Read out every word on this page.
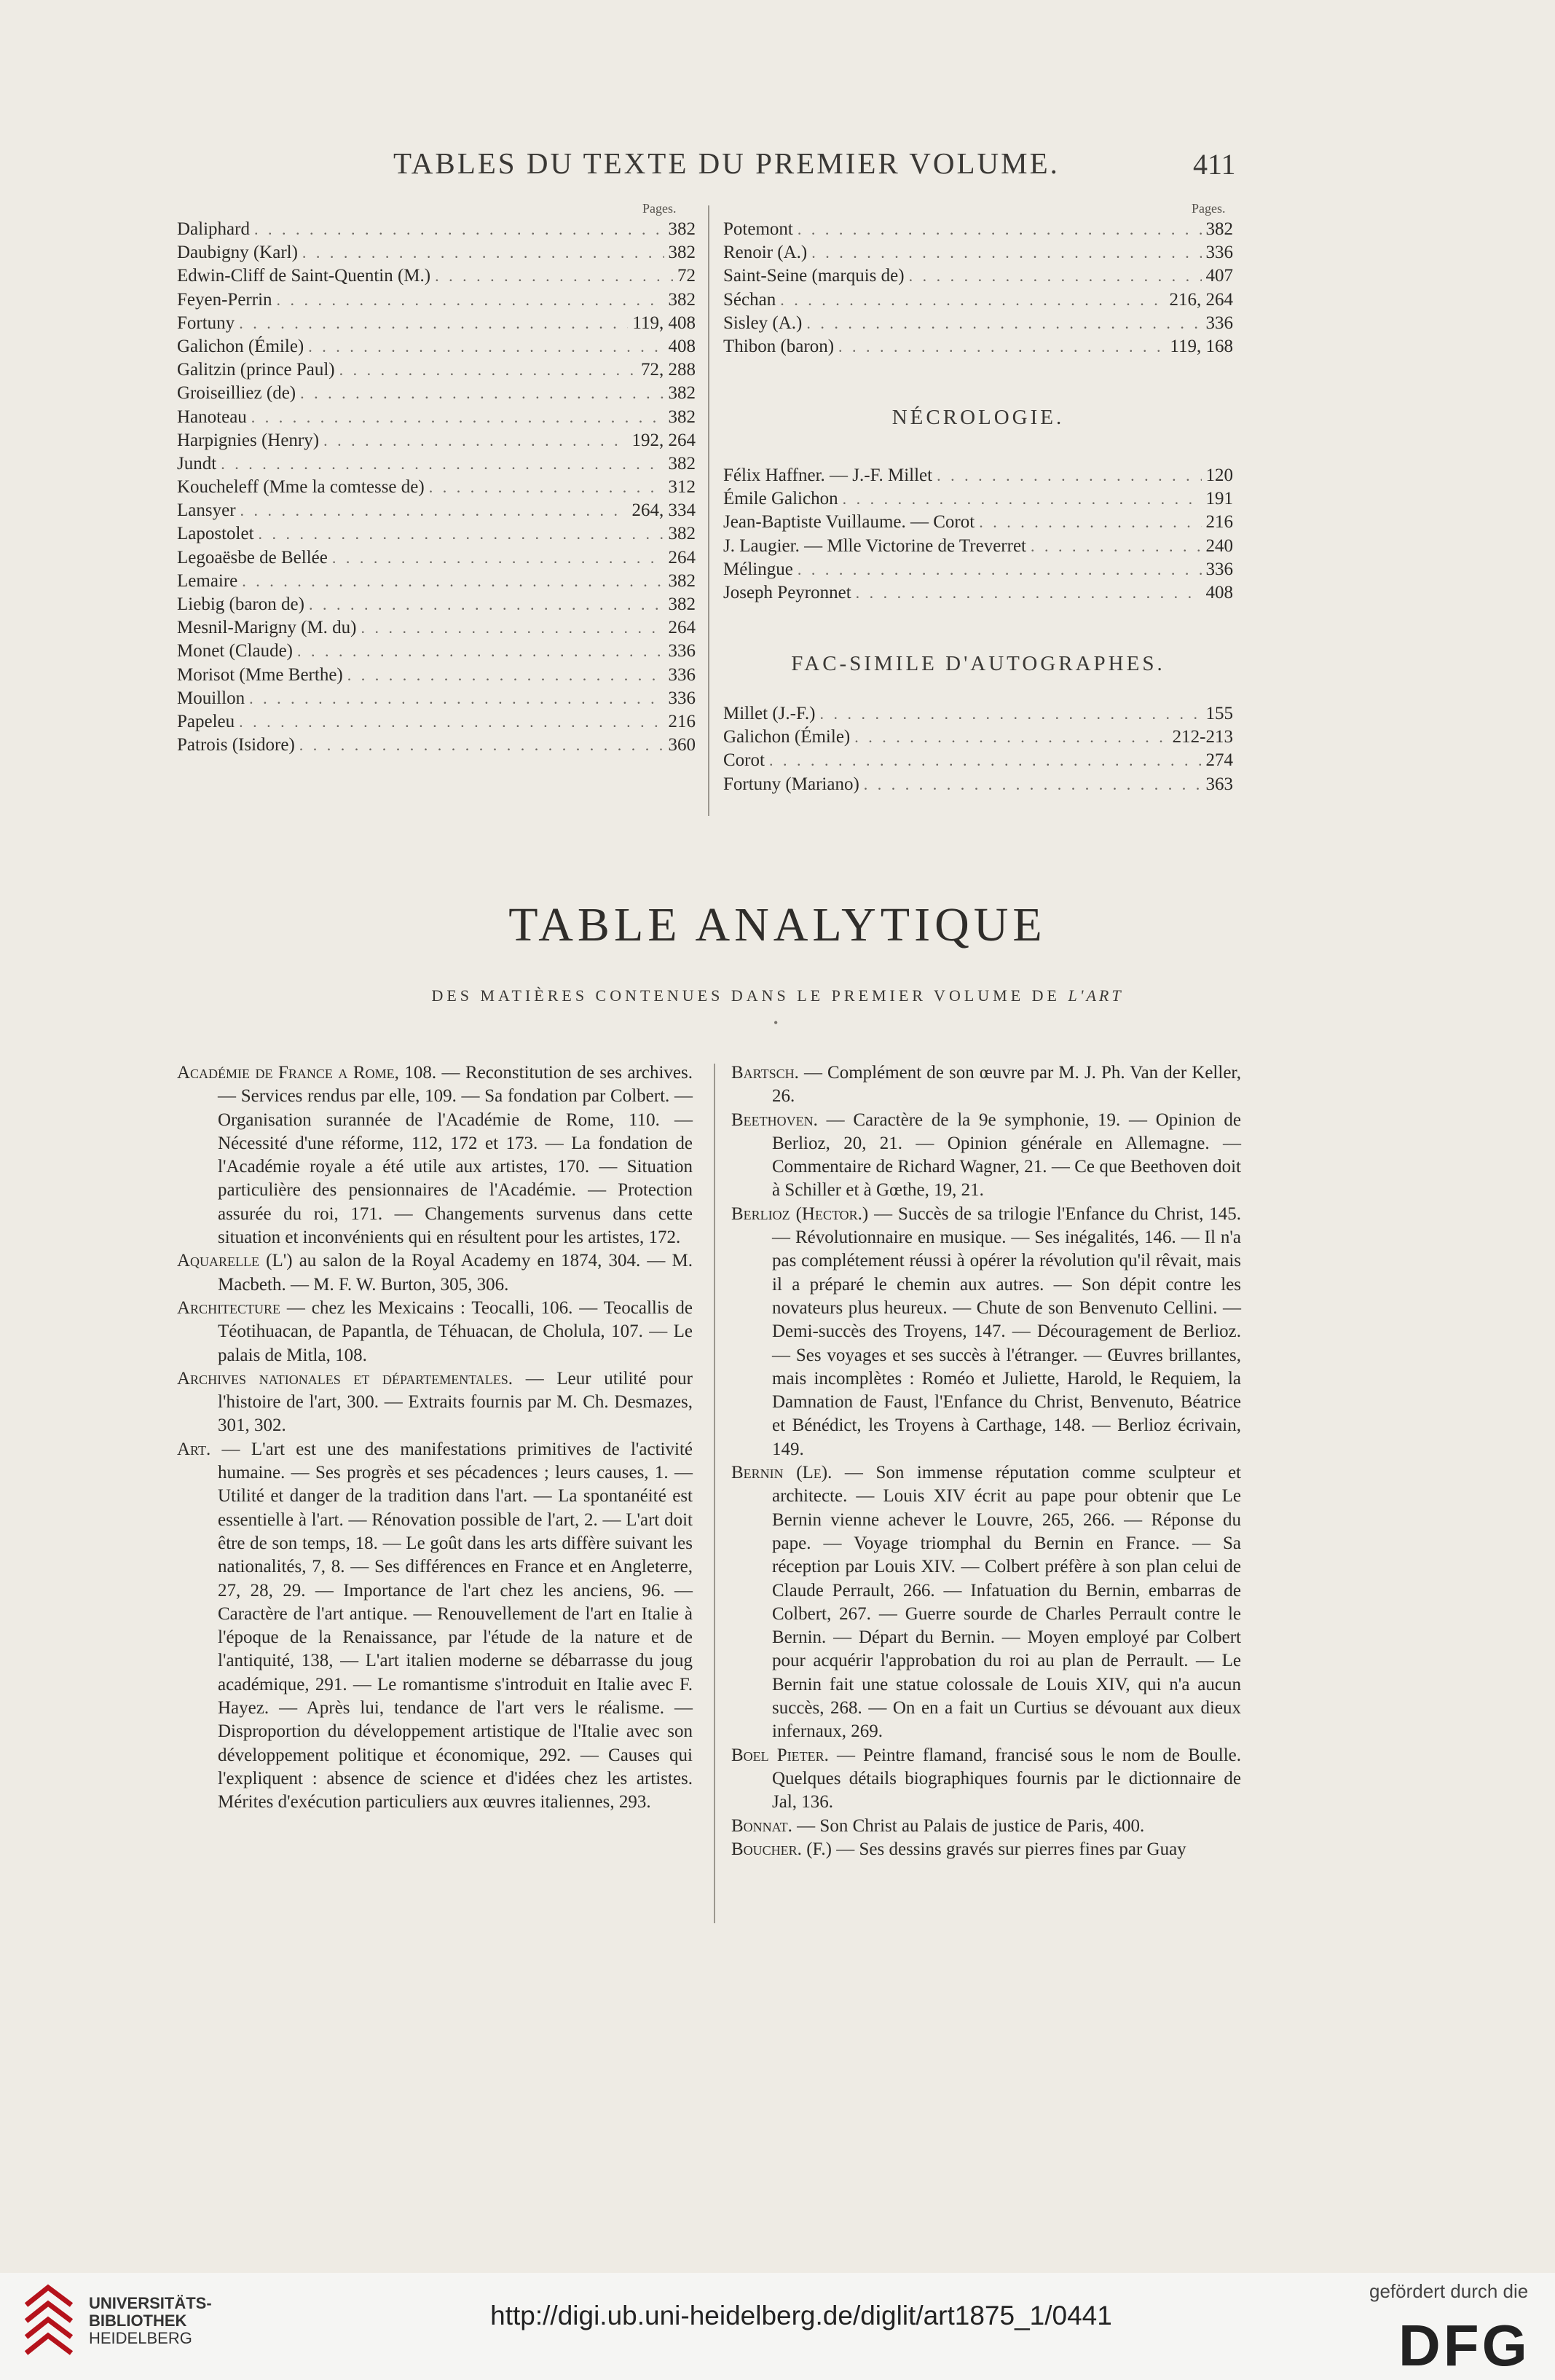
TABLES DU TEXTE DU PREMIER VOLUME.	411
Pages.	Pages.
Daliphard . . .	382
Daubigny (Karl) . . .	382
Edwin-Cliff de Saint-Quentin (M.) . . .	72
Feyen-Perrin . . .	382
Fortuny . . .	119, 408
Galichon (Émile) . . .	408
Galitzin (prince Paul) . . .	72, 288
Groiseilliez (de) . . .	382
Hanoteau . . .	382
Harpignies (Henry) . . .	192, 264
Jundt . . .	382
Koucheleff (Mme la comtesse de) . . .	312
Lansyer . . .	264, 334
Lapostolet . . .	382
Legoaësbe de Bellée . . .	264
Lemaire . . .	382
Liebig (baron de) . . .	382
Mesnil-Marigny (M. du) . . .	264
Monet (Claude) . . .	336
Morisot (Mme Berthe) . . .	336
Mouillon . . .	336
Papeleu . . .	216
Patrois (Isidore) . . .	360
Potemont . . .	382
Renoir (A.) . . .	336
Saint-Seine (marquis de) . . .	407
Séchan . . .	216, 264
Sisley (A.) . . .	336
Thibon (baron) . . .	119, 168
NÉCROLOGIE.
Félix Haffner. — J.-F. Millet . . .	120
Émile Galichon . . .	191
Jean-Baptiste Vuillaume. — Corot . . .	216
J. Laugier. — Mlle Victorine de Treverret . . .	240
Mélingue . . .	336
Joseph Peyronnet . . .	408
FAC-SIMILE D'AUTOGRAPHES.
Millet (J.-F.) . . .	155
Galichon (Émile) . . .	212-213
Corot . . .	274
Fortuny (Mariano) . . .	363
TABLE ANALYTIQUE
DES MATIÈRES CONTENUES DANS LE PREMIER VOLUME DE L'ART
•

Académie de France a Rome, 108. — Reconstitution de ses archives. — Services rendus par elle, 109. — Sa fondation par Colbert. — Organisation surannée de l'Académie de Rome, 110. — Nécessité d'une réforme, 112, 172 et 173. — La fondation de l'Académie royale a été utile aux artistes, 170. — Situation particulière des pensionnaires de l'Académie. — Protection assurée du roi, 171. — Changements survenus dans cette situation et inconvénients qui en résultent pour les artistes, 172.

Aquarelle (L') au salon de la Royal Academy en 1874, 304. — M. Macbeth. — M. F. W. Burton, 305, 306.

Architecture — chez les Mexicains : Teocalli, 106. — Teocallis de Téotihuacan, de Papantla, de Téhuacan, de Cholula, 107. — Le palais de Mitla, 108.

Archives nationales et départementales. — Leur utilité pour l'histoire de l'art, 300. — Extraits fournis par M. Ch. Desmazes, 301, 302.

Art. — L'art est une des manifestations primitives de l'activité humaine. — Ses progrès et ses pécadences ; leurs causes, 1. — Utilité et danger de la tradition dans l'art. — La spontanéité est essentielle à l'art. — Rénovation possible de l'art, 2. — L'art doit être de son temps, 18. — Le goût dans les arts diffère suivant les nationalités, 7, 8. — Ses différences en France et en Angleterre, 27, 28, 29. — Importance de l'art chez les anciens, 96. — Caractère de l'art antique. — Renouvellement de l'art en Italie à l'époque de la Renaissance, par l'étude de la nature et de l'antiquité, 138, — L'art italien moderne se débarrasse du joug académique, 291. — Le romantisme s'introduit en Italie avec F. Hayez. — Après lui, tendance de l'art vers le réalisme. — Disproportion du développement artistique de l'Italie avec son développement politique et économique, 292. — Causes qui l'expliquent : absence de science et d'idées chez les artistes. Mérites d'exécution particuliers aux œuvres italiennes, 293.

Bartsch. — Complément de son œuvre par M. J. Ph. Van der Keller, 26.

Beethoven. — Caractère de la 9e symphonie, 19. — Opinion de Berlioz, 20, 21. — Opinion générale en Allemagne. — Commentaire de Richard Wagner, 21. — Ce que Beethoven doit à Schiller et à Gœthe, 19, 21.

Berlioz (Hector.) — Succès de sa trilogie l'Enfance du Christ, 145. — Révolutionnaire en musique. — Ses inégalités, 146. — Il n'a pas complétement réussi à opérer la révolution qu'il rêvait, mais il a préparé le chemin aux autres. — Son dépit contre les novateurs plus heureux. — Chute de son Benvenuto Cellini. — Demi-succès des Troyens, 147. — Découragement de Berlioz. — Ses voyages et ses succès à l'étranger. — Œuvres brillantes, mais incomplètes : Roméo et Juliette, Harold, le Requiem, la Damnation de Faust, l'Enfance du Christ, Benvenuto, Béatrice et Bénédict, les Troyens à Carthage, 148. — Berlioz écrivain, 149.

Bernin (Le). — Son immense réputation comme sculpteur et architecte. — Louis XIV écrit au pape pour obtenir que Le Bernin vienne achever le Louvre, 265, 266. — Réponse du pape. — Voyage triomphal du Bernin en France. — Sa réception par Louis XIV. — Colbert préfère à son plan celui de Claude Perrault, 266. — Infatuation du Bernin, embarras de Colbert, 267. — Guerre sourde de Charles Perrault contre le Bernin. — Départ du Bernin. — Moyen employé par Colbert pour acquérir l'approbation du roi au plan de Perrault. — Le Bernin fait une statue colossale de Louis XIV, qui n'a aucun succès, 268. — On en a fait un Curtius se dévouant aux dieux infernaux, 269.

Boel Pieter. — Peintre flamand, francisé sous le nom de Boulle. Quelques détails biographiques fournis par le dictionnaire de Jal, 136.

Bonnat. — Son Christ au Palais de justice de Paris, 400.

Boucher. (F.) — Ses dessins gravés sur pierres fines par Guay

UNIVERSITÄTS-
BIBLIOTHEK
HEIDELBERG
http://digi.ub.uni-heidelberg.de/diglit/art1875_1/0441
gefördert durch die
DFG
